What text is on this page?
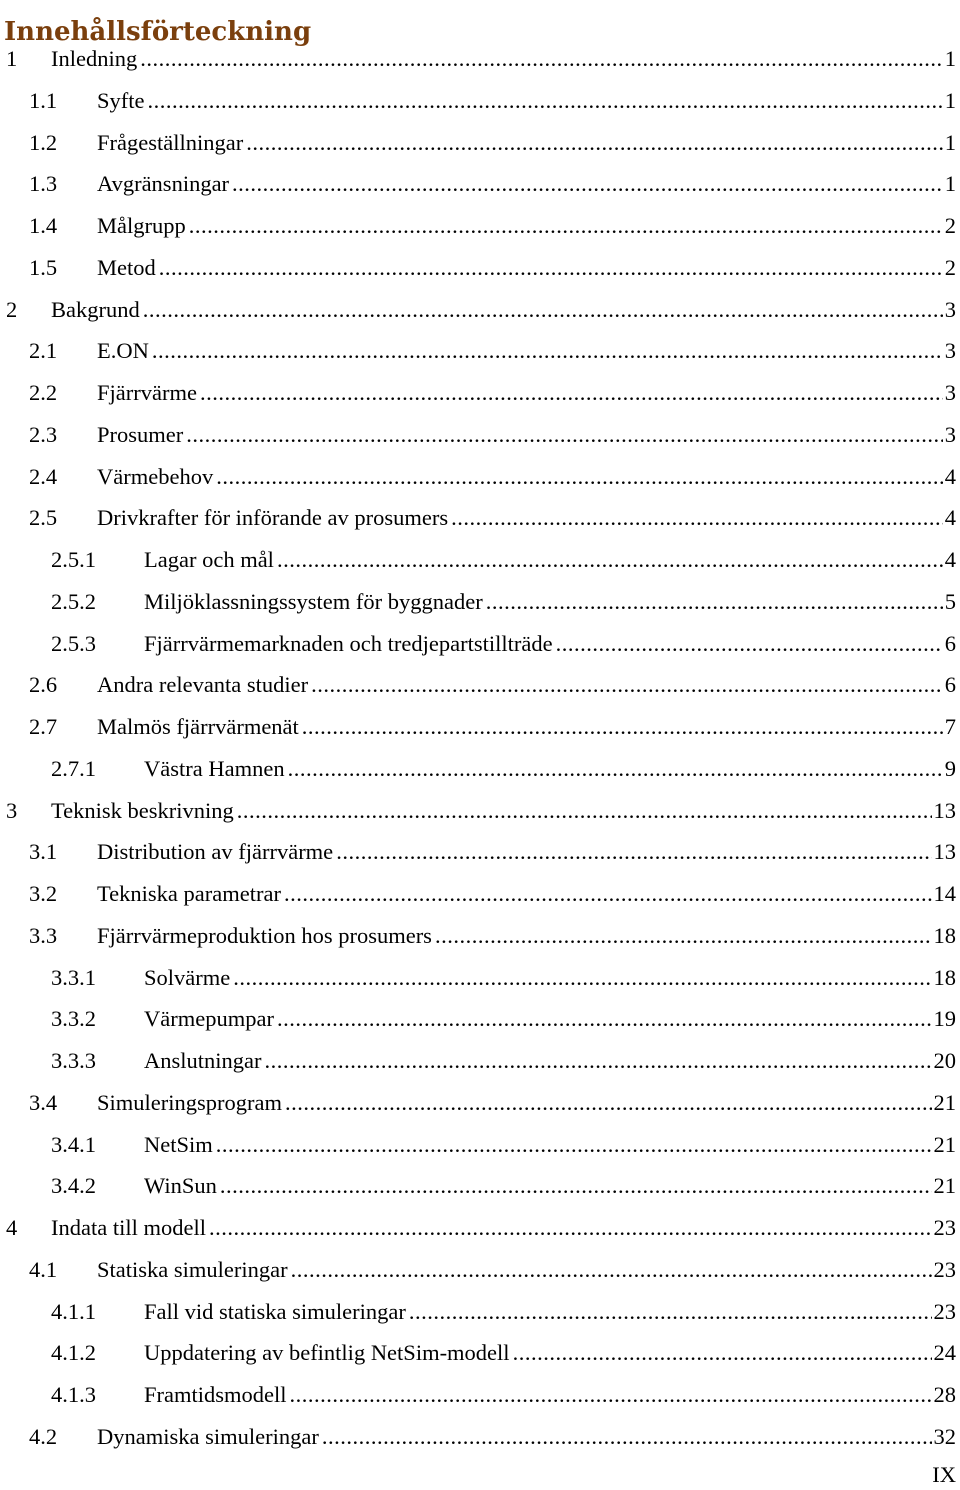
Innehållsförteckning
1 Inledning .....	1
1.1 Syfte .....	1
1.2 Frågeställningar .....	1
1.3 Avgränsningar .....	1
1.4 Målgrupp .....	2
1.5 Metod .....	2
2 Bakgrund .....	3
2.1 E.ON .....	3
2.2 Fjärrvärme .....	3
2.3 Prosumer .....	3
2.4 Värmebehov .....	4
2.5 Drivkrafter för införande av prosumers .....	4
2.5.1 Lagar och mål .....	4
2.5.2 Miljöklassningssystem för byggnader .....	5
2.5.3 Fjärrvärmemarknaden och tredjepartstillträde .....	6
2.6 Andra relevanta studier .....	6
2.7 Malmös fjärrvärmenät .....	7
2.7.1 Västra Hamnen .....	9
3 Teknisk beskrivning .....	13
3.1 Distribution av fjärrvärme .....	13
3.2 Tekniska parametrar .....	14
3.3 Fjärrvärmeproduktion hos prosumers .....	18
3.3.1 Solvärme .....	18
3.3.2 Värmepumpar .....	19
3.3.3 Anslutningar .....	20
3.4 Simuleringsprogram .....	21
3.4.1 NetSim .....	21
3.4.2 WinSun .....	21
4 Indata till modell .....	23
4.1 Statiska simuleringar .....	23
4.1.1 Fall vid statiska simuleringar .....	23
4.1.2 Uppdatering av befintlig NetSim-modell .....	24
4.1.3 Framtidsmodell .....	28
4.2 Dynamiska simuleringar .....	32
IX
